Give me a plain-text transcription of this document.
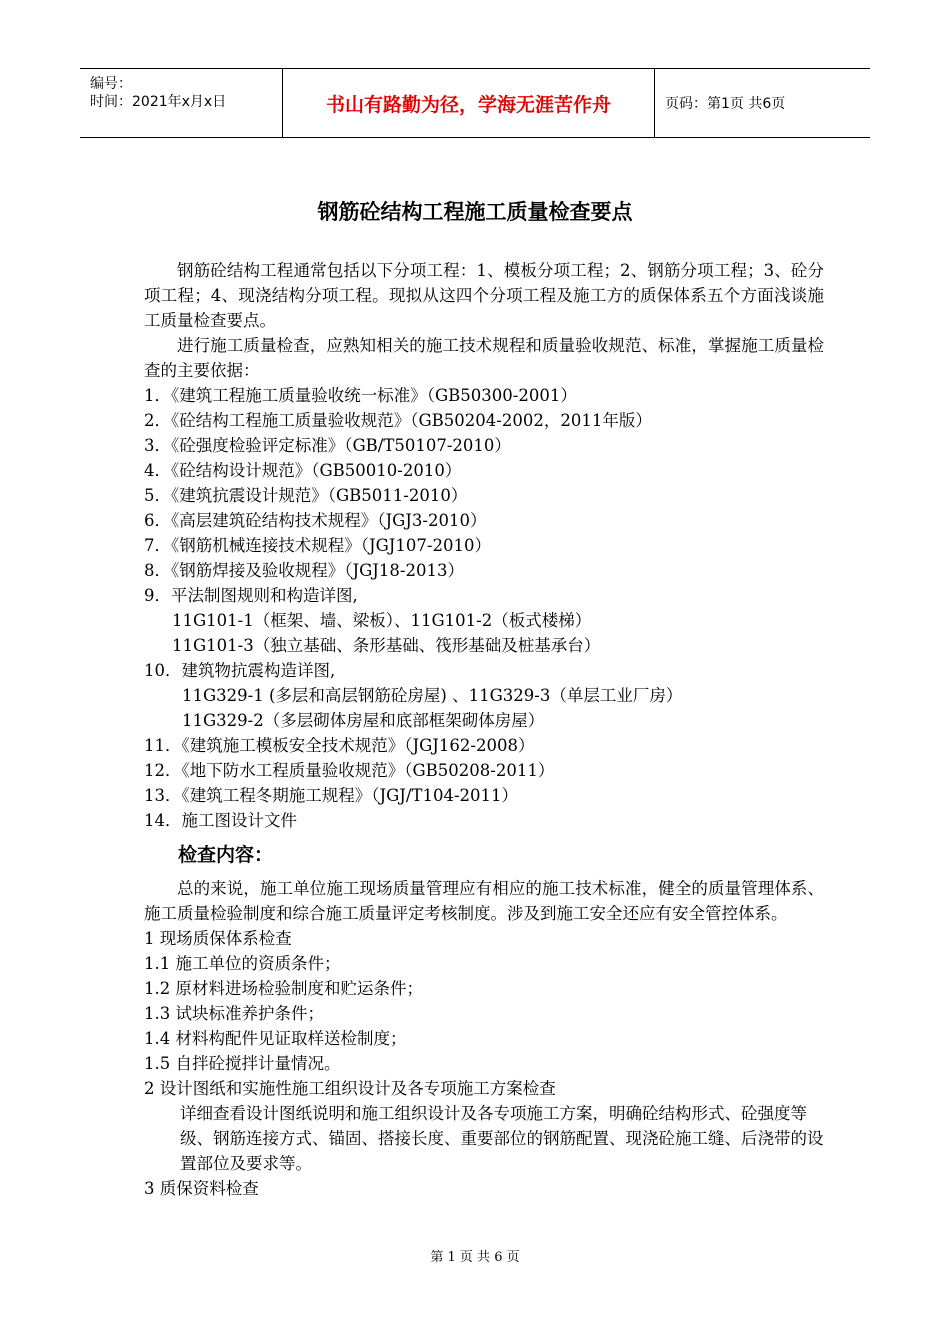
编号：
时间：2021年x月x日	书山有路勤为径，学海无涯苦作舟	页码：第1页 共6页
钢筋砼结构工程施工质量检查要点

钢筋砼结构工程通常包括以下分项工程：1、模板分项工程；2、钢筋分项工程；3、砼分项工程；4、现浇结构分项工程。现拟从这四个分项工程及施工方的质保体系五个方面浅谈施工质量检查要点。

进行施工质量检查，应熟知相关的施工技术规程和质量验收规范、标准，掌握施工质量检查的主要依据：

1．《建筑工程施工质量验收统一标准》（GB50300-2001）

2．《砼结构工程施工质量验收规范》（GB50204-2002，2011年版）

3．《砼强度检验评定标准》（GB/T50107-2010）

4．《砼结构设计规范》（GB50010-2010）

5．《建筑抗震设计规范》（GB5011-2010）

6．《高层建筑砼结构技术规程》（JGJ3-2010）

7．《钢筋机械连接技术规程》（JGJ107-2010）

8．《钢筋焊接及验收规程》（JGJ18-2013）

9．平法制图规则和构造详图,

11G101-1（框架、墙、梁板）、11G101-2（板式楼梯）

11G101-3（独立基础、条形基础、筏形基础及桩基承台）

10．建筑物抗震构造详图,

11G329-1 (多层和高层钢筋砼房屋) 、11G329-3（单层工业厂房）

11G329-2（多层砌体房屋和底部框架砌体房屋）

11．《建筑施工模板安全技术规范》（JGJ162-2008）

12．《地下防水工程质量验收规范》（GB50208-2011）

13．《建筑工程冬期施工规程》（JGJ/T104-2011）

14．施工图设计文件

检查内容：

总的来说，施工单位施工现场质量管理应有相应的施工技术标准，健全的质量管理体系、施工质量检验制度和综合施工质量评定考核制度。涉及到施工安全还应有安全管控体系。

1 现场质保体系检查

1.1 施工单位的资质条件；

1.2 原材料进场检验制度和贮运条件；

1.3 试块标准养护条件；

1.4 材料构配件见证取样送检制度；

1.5 自拌砼搅拌计量情况。

2 设计图纸和实施性施工组织设计及各专项施工方案检查

详细查看设计图纸说明和施工组织设计及各专项施工方案，明确砼结构形式、砼强度等级、钢筋连接方式、锚固、搭接长度、重要部位的钢筋配置、现浇砼施工缝、后浇带的设置部位及要求等。

3 质保资料检查

第 1 页 共 6 页
